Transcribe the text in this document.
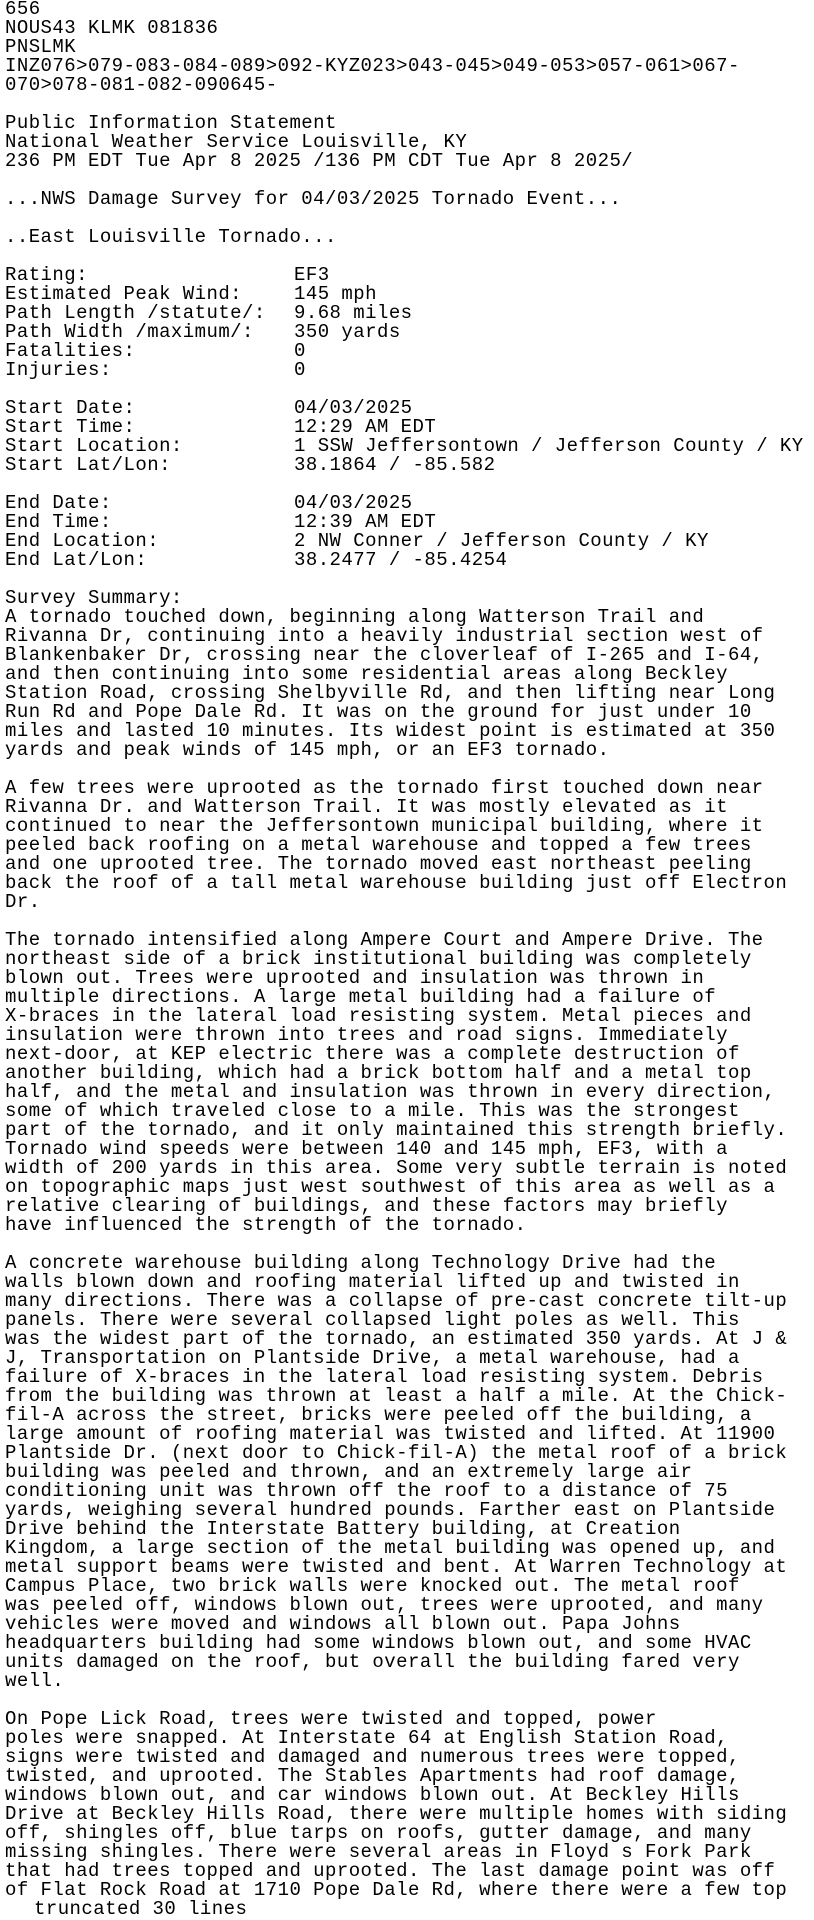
656
NOUS43 KLMK 081836
PNSLMK
INZ076>079-083-084-089>092-KYZ023>043-045>049-053>057-061>067-
070>078-081-082-090645-
Public Information Statement
National Weather Service Louisville, KY
236 PM EDT Tue Apr 8 2025 /136 PM CDT Tue Apr 8 2025/
...NWS Damage Survey for 04/03/2025 Tornado Event...
..East Louisville Tornado...
Rating:	EF3
Estimated Peak Wind:	145 mph
Path Length /statute/: 9.68 miles
Path Width /maximum/: 350 yards
Fatalities:	0
Injuries:	0
Start Date:	04/03/2025
Start Time:	12:29 AM EDT
Start Location:	1 SSW Jeffersontown / Jefferson County / KY
Start Lat/Lon:	38.1864 / -85.582
End Date:	04/03/2025
End Time:	12:39 AM EDT
End Location:	2 NW Conner / Jefferson County / KY
End Lat/Lon:	38.2477 / -85.4254
Survey Summary:
A tornado touched down, beginning along Watterson Trail and
Rivanna Dr, continuing into a heavily industrial section west of
Blankenbaker Dr, crossing near the cloverleaf of I-265 and I-64,
and then continuing into some residential areas along Beckley
Station Road, crossing Shelbyville Rd, and then lifting near Long
Run Rd and Pope Dale Rd. It was on the ground for just under 10
miles and lasted 10 minutes. Its widest point is estimated at 350
yards and peak winds of 145 mph, or an EF3 tornado.
A few trees were uprooted as the tornado first touched down near
Rivanna Dr. and Watterson Trail. It was mostly elevated as it
continued to near the Jeffersontown municipal building, where it
peeled back roofing on a metal warehouse and topped a few trees
and one uprooted tree. The tornado moved east northeast peeling
back the roof of a tall metal warehouse building just off Electron
Dr.
The tornado intensified along Ampere Court and Ampere Drive. The
northeast side of a brick institutional building was completely
blown out. Trees were uprooted and insulation was thrown in
multiple directions. A large metal building had a failure of
X-braces in the lateral load resisting system. Metal pieces and
insulation were thrown into trees and road signs. Immediately
next-door, at KEP electric there was a complete destruction of
another building, which had a brick bottom half and a metal top
half, and the metal and insulation was thrown in every direction,
some of which traveled close to a mile. This was the strongest
part of the tornado, and it only maintained this strength briefly.
Tornado wind speeds were between 140 and 145 mph, EF3, with a
width of 200 yards in this area. Some very subtle terrain is noted
on topographic maps just west southwest of this area as well as a
relative clearing of buildings, and these factors may briefly
have influenced the strength of the tornado.
A concrete warehouse building along Technology Drive had the
walls blown down and roofing material lifted up and twisted in
many directions. There was a collapse of pre-cast concrete tilt-up
panels. There were several collapsed light poles as well. This
was the widest part of the tornado, an estimated 350 yards. At J &
J, Transportation on Plantside Drive, a metal warehouse, had a
failure of X-braces in the lateral load resisting system. Debris
from the building was thrown at least a half a mile. At the Chick-
fil-A across the street, bricks were peeled off the building, a
large amount of roofing material was twisted and lifted. At 11900
Plantside Dr. (next door to Chick-fil-A) the metal roof of a brick
building was peeled and thrown, and an extremely large air
conditioning unit was thrown off the roof to a distance of 75
yards, weighing several hundred pounds. Farther east on Plantside
Drive behind the Interstate Battery building, at Creation
Kingdom, a large section of the metal building was opened up, and
metal support beams were twisted and bent. At Warren Technology at
Campus Place, two brick walls were knocked out. The metal roof
was peeled off, windows blown out, trees were uprooted, and many
vehicles were moved and windows all blown out. Papa Johns
headquarters building had some windows blown out, and some HVAC
units damaged on the roof, but overall the building fared very
well.
On Pope Lick Road, trees were twisted and topped, power
poles were snapped. At Interstate 64 at English Station Road,
signs were twisted and damaged and numerous trees were topped,
twisted, and uprooted. The Stables Apartments had roof damage,
windows blown out, and car windows blown out. At Beckley Hills
Drive at Beckley Hills Road, there were multiple homes with siding
off, shingles off, blue tarps on roofs, gutter damage, and many
missing shingles. There were several areas in Floyd s Fork Park
that had trees topped and uprooted. The last damage point was off
of Flat Rock Road at 1710 Pope Dale Rd, where there were a few top
truncated 30 lines
